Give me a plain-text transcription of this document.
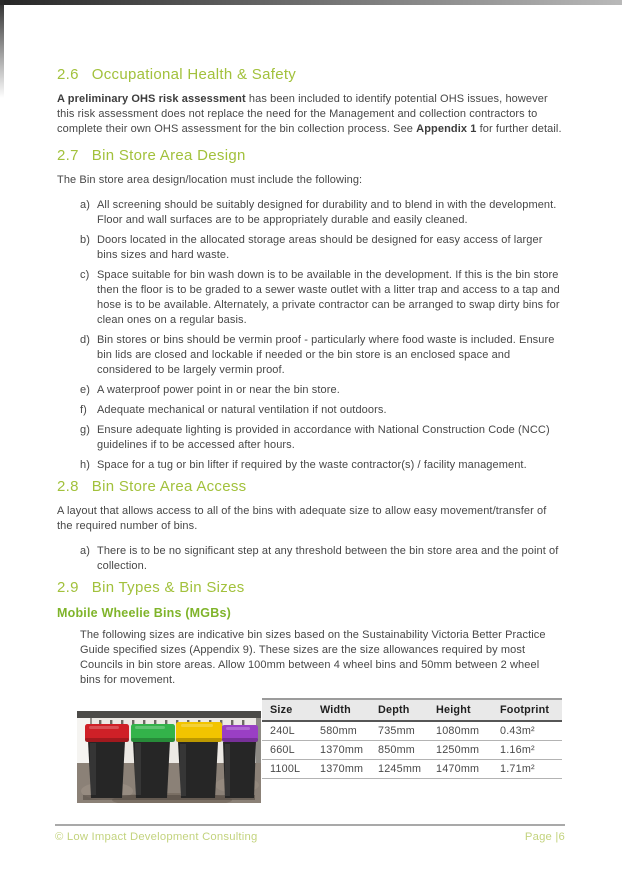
2.6 Occupational Health & Safety

A preliminary OHS risk assessment has been included to identify potential OHS issues, however this risk assessment does not replace the need for the Management and collection contractors to complete their own OHS assessment for the bin collection process. See Appendix 1 for further detail.

2.7 Bin Store Area Design

The Bin store area design/location must include the following:

a) All screening should be suitably designed for durability and to blend in with the development. Floor and wall surfaces are to be appropriately durable and easily cleaned.
b) Doors located in the allocated storage areas should be designed for easy access of larger bins sizes and hard waste.
c) Space suitable for bin wash down is to be available in the development. If this is the bin store then the floor is to be graded to a sewer waste outlet with a litter trap and access to a tap and hose is to be available. Alternately, a private contractor can be arranged to swap dirty bins for clean ones on a regular basis.
d) Bin stores or bins should be vermin proof - particularly where food waste is included. Ensure bin lids are closed and lockable if needed or the bin store is an enclosed space and considered to be largely vermin proof.
e) A waterproof power point in or near the bin store.
f) Adequate mechanical or natural ventilation if not outdoors.
g) Ensure adequate lighting is provided in accordance with National Construction Code (NCC) guidelines if to be accessed after hours.
h) Space for a tug or bin lifter if required by the waste contractor(s) / facility management.
2.8 Bin Store Area Access

A layout that allows access to all of the bins with adequate size to allow easy movement/transfer of the required number of bins.

a) There is to be no significant step at any threshold between the bin store area and the point of collection.
2.9 Bin Types & Bin Sizes
Mobile Wheelie Bins (MGBs)

The following sizes are indicative bin sizes based on the Sustainability Victoria Better Practice Guide specified sizes (Appendix 9). These sizes are the size allowances required by most Councils in bin store areas. Allow 100mm between 4 wheel bins and 50mm between 2 wheel bins for movement.

Size	Width	Depth	Height	Footprint
240L	580mm	735mm	1080mm	0.43m²
660L	1370mm	850mm	1250mm	1.16m²
1100L	1370mm	1245mm	1470mm	1.71m²
© Low Impact Development Consulting	Page |6
